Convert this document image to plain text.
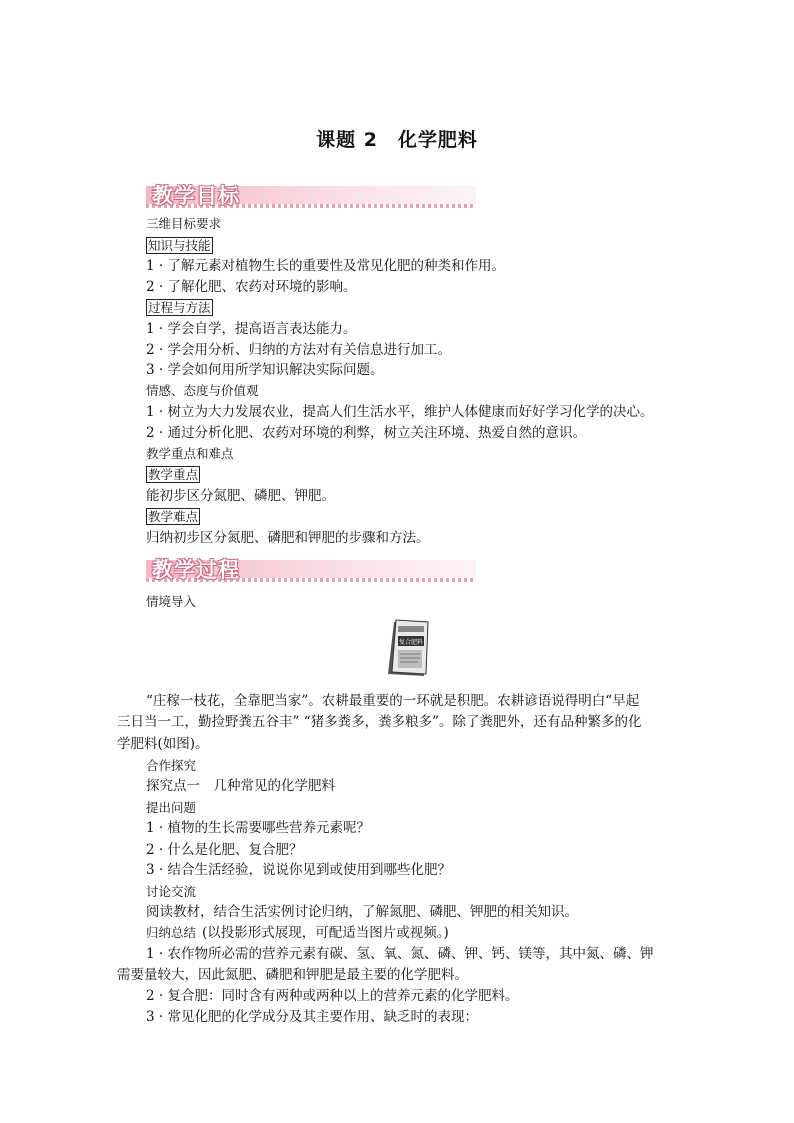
课题 2　化学肥料
教学目标
三维目标要求
知识与技能
1 · 了解元素对植物生长的重要性及常见化肥的种类和作用。
2 · 了解化肥、农药对环境的影响。
过程与方法
1 · 学会自学，提高语言表达能力。
2 · 学会用分析、归纳的方法对有关信息进行加工。
3 · 学会如何用所学知识解决实际问题。
情感、态度与价值观
1 · 树立为大力发展农业，提高人们生活水平，维护人体健康而好好学习化学的决心。
2 · 通过分析化肥、农药对环境的利弊，树立关注环境、热爱自然的意识。
教学重点和难点
教学重点
能初步区分氮肥、磷肥、钾肥。
教学难点
归纳初步区分氮肥、磷肥和钾肥的步骤和方法。
教学过程
情境导入
复合肥料
“庄稼一枝花，全靠肥当家”。农耕最重要的一环就是积肥。农耕谚语说得明白“早起
三日当一工，勤捡野粪五谷丰” “猪多粪多，粪多粮多”。除了粪肥外，还有品种繁多的化
学肥料(如图)。
合作探究
探究点一　几种常见的化学肥料
提出问题
1 · 植物的生长需要哪些营养元素呢？
2 · 什么是化肥、复合肥？
3 · 结合生活经验，说说你见到或使用到哪些化肥？
讨论交流
阅读教材，结合生活实例讨论归纳，了解氮肥、磷肥、钾肥的相关知识。
归纳总结 (以投影形式展现，可配适当图片或视频。)
1 · 农作物所必需的营养元素有碳、氢、氧、氮、磷、钾、钙、镁等，其中氮、磷、钾
需要量较大，因此氮肥、磷肥和钾肥是最主要的化学肥料。
2 · 复合肥：同时含有两种或两种以上的营养元素的化学肥料。
3 · 常见化肥的化学成分及其主要作用、缺乏时的表现：
